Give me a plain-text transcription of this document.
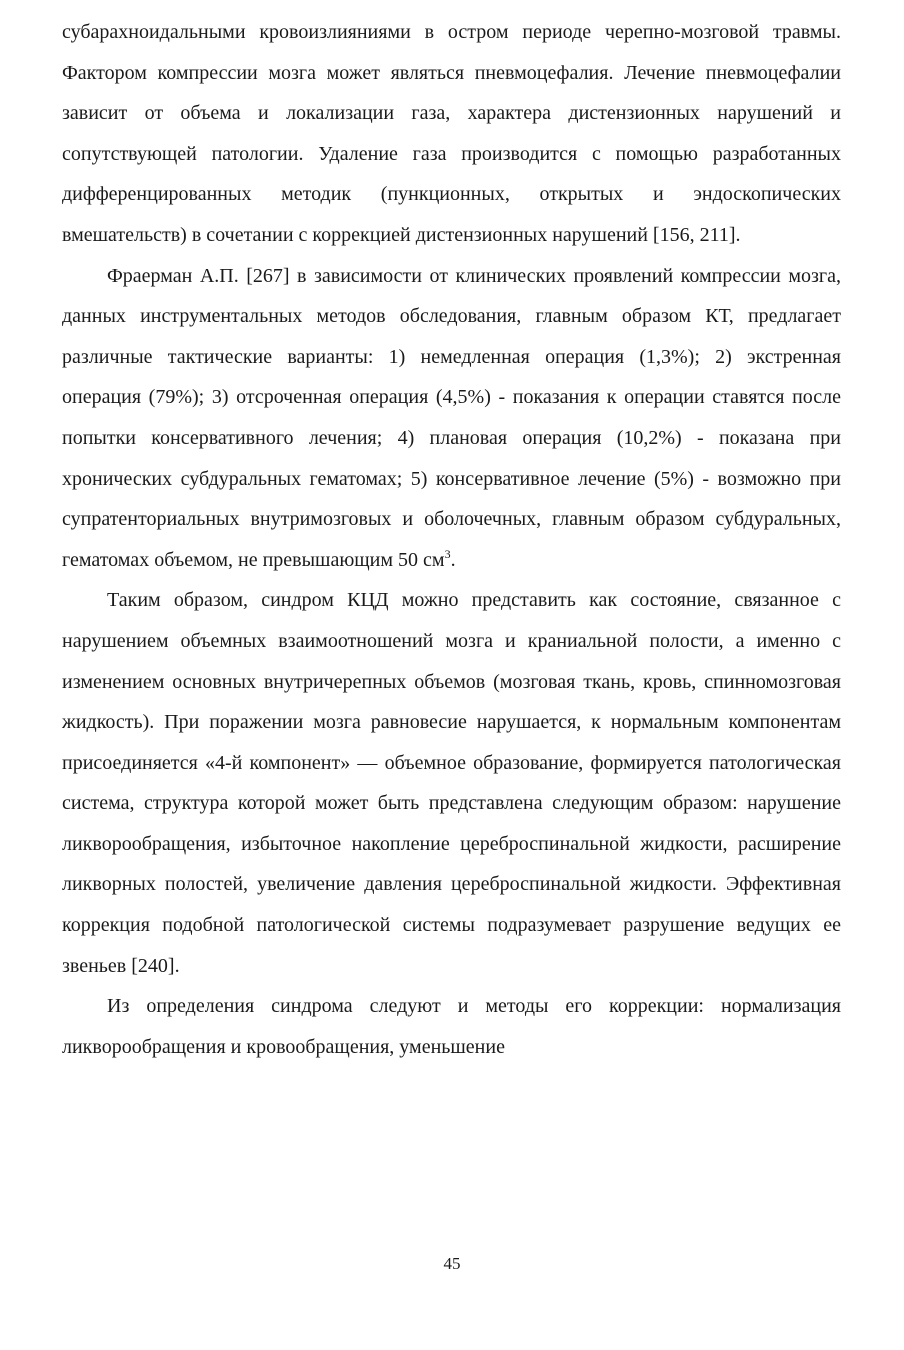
субарахноидальными кровоизлияниями в остром периоде черепно-мозговой травмы. Фактором компрессии мозга может являться пневмоцефалия. Лечение пневмоцефалии зависит от объема и локализации газа, характера дистензионных нарушений и сопутствующей патологии. Удаление газа производится с помощью разработанных дифференцированных методик (пункционных, открытых и эндоскопических вмешательств) в сочетании с коррекцией дистензионных нарушений [156, 211].

Фраерман А.П. [267] в зависимости от клинических проявлений компрессии мозга, данных инструментальных методов обследования, главным образом КТ, предлагает различные тактические варианты: 1) немедленная операция (1,3%); 2) экстренная операция (79%); 3) отсроченная операция (4,5%) - показания к операции ставятся после попытки консервативного лечения; 4) плановая операция (10,2%) - показана при хронических субдуральных гематомах; 5) консервативное лечение (5%) - возможно при супратенториальных внутримозговых и оболочечных, главным образом субдуральных, гематомах объемом, не превышающим 50 $см^3$.

Таким образом, синдром КЦД можно представить как состояние, связанное с нарушением объемных взаимоотношений мозга и краниальной полости, а именно с изменением основных внутричерепных объемов (мозговая ткань, кровь, спинномозговая жидкость). При поражении мозга равновесие нарушается, к нормальным компонентам присоединяется «4-й компонент» — объемное образование, формируется патологическая система, структура которой может быть представлена следующим образом: нарушение ликворообращения, избыточное накопление цереброспинальной жидкости, расширение ликворных полостей, увеличение давления цереброспинальной жидкости. Эффективная коррекция подобной патологической системы подразумевает разрушение ведущих ее звеньев [240].

Из определения синдрома следуют и методы его коррекции: нормализация ликворообращения и кровообращения, уменьшение

45
